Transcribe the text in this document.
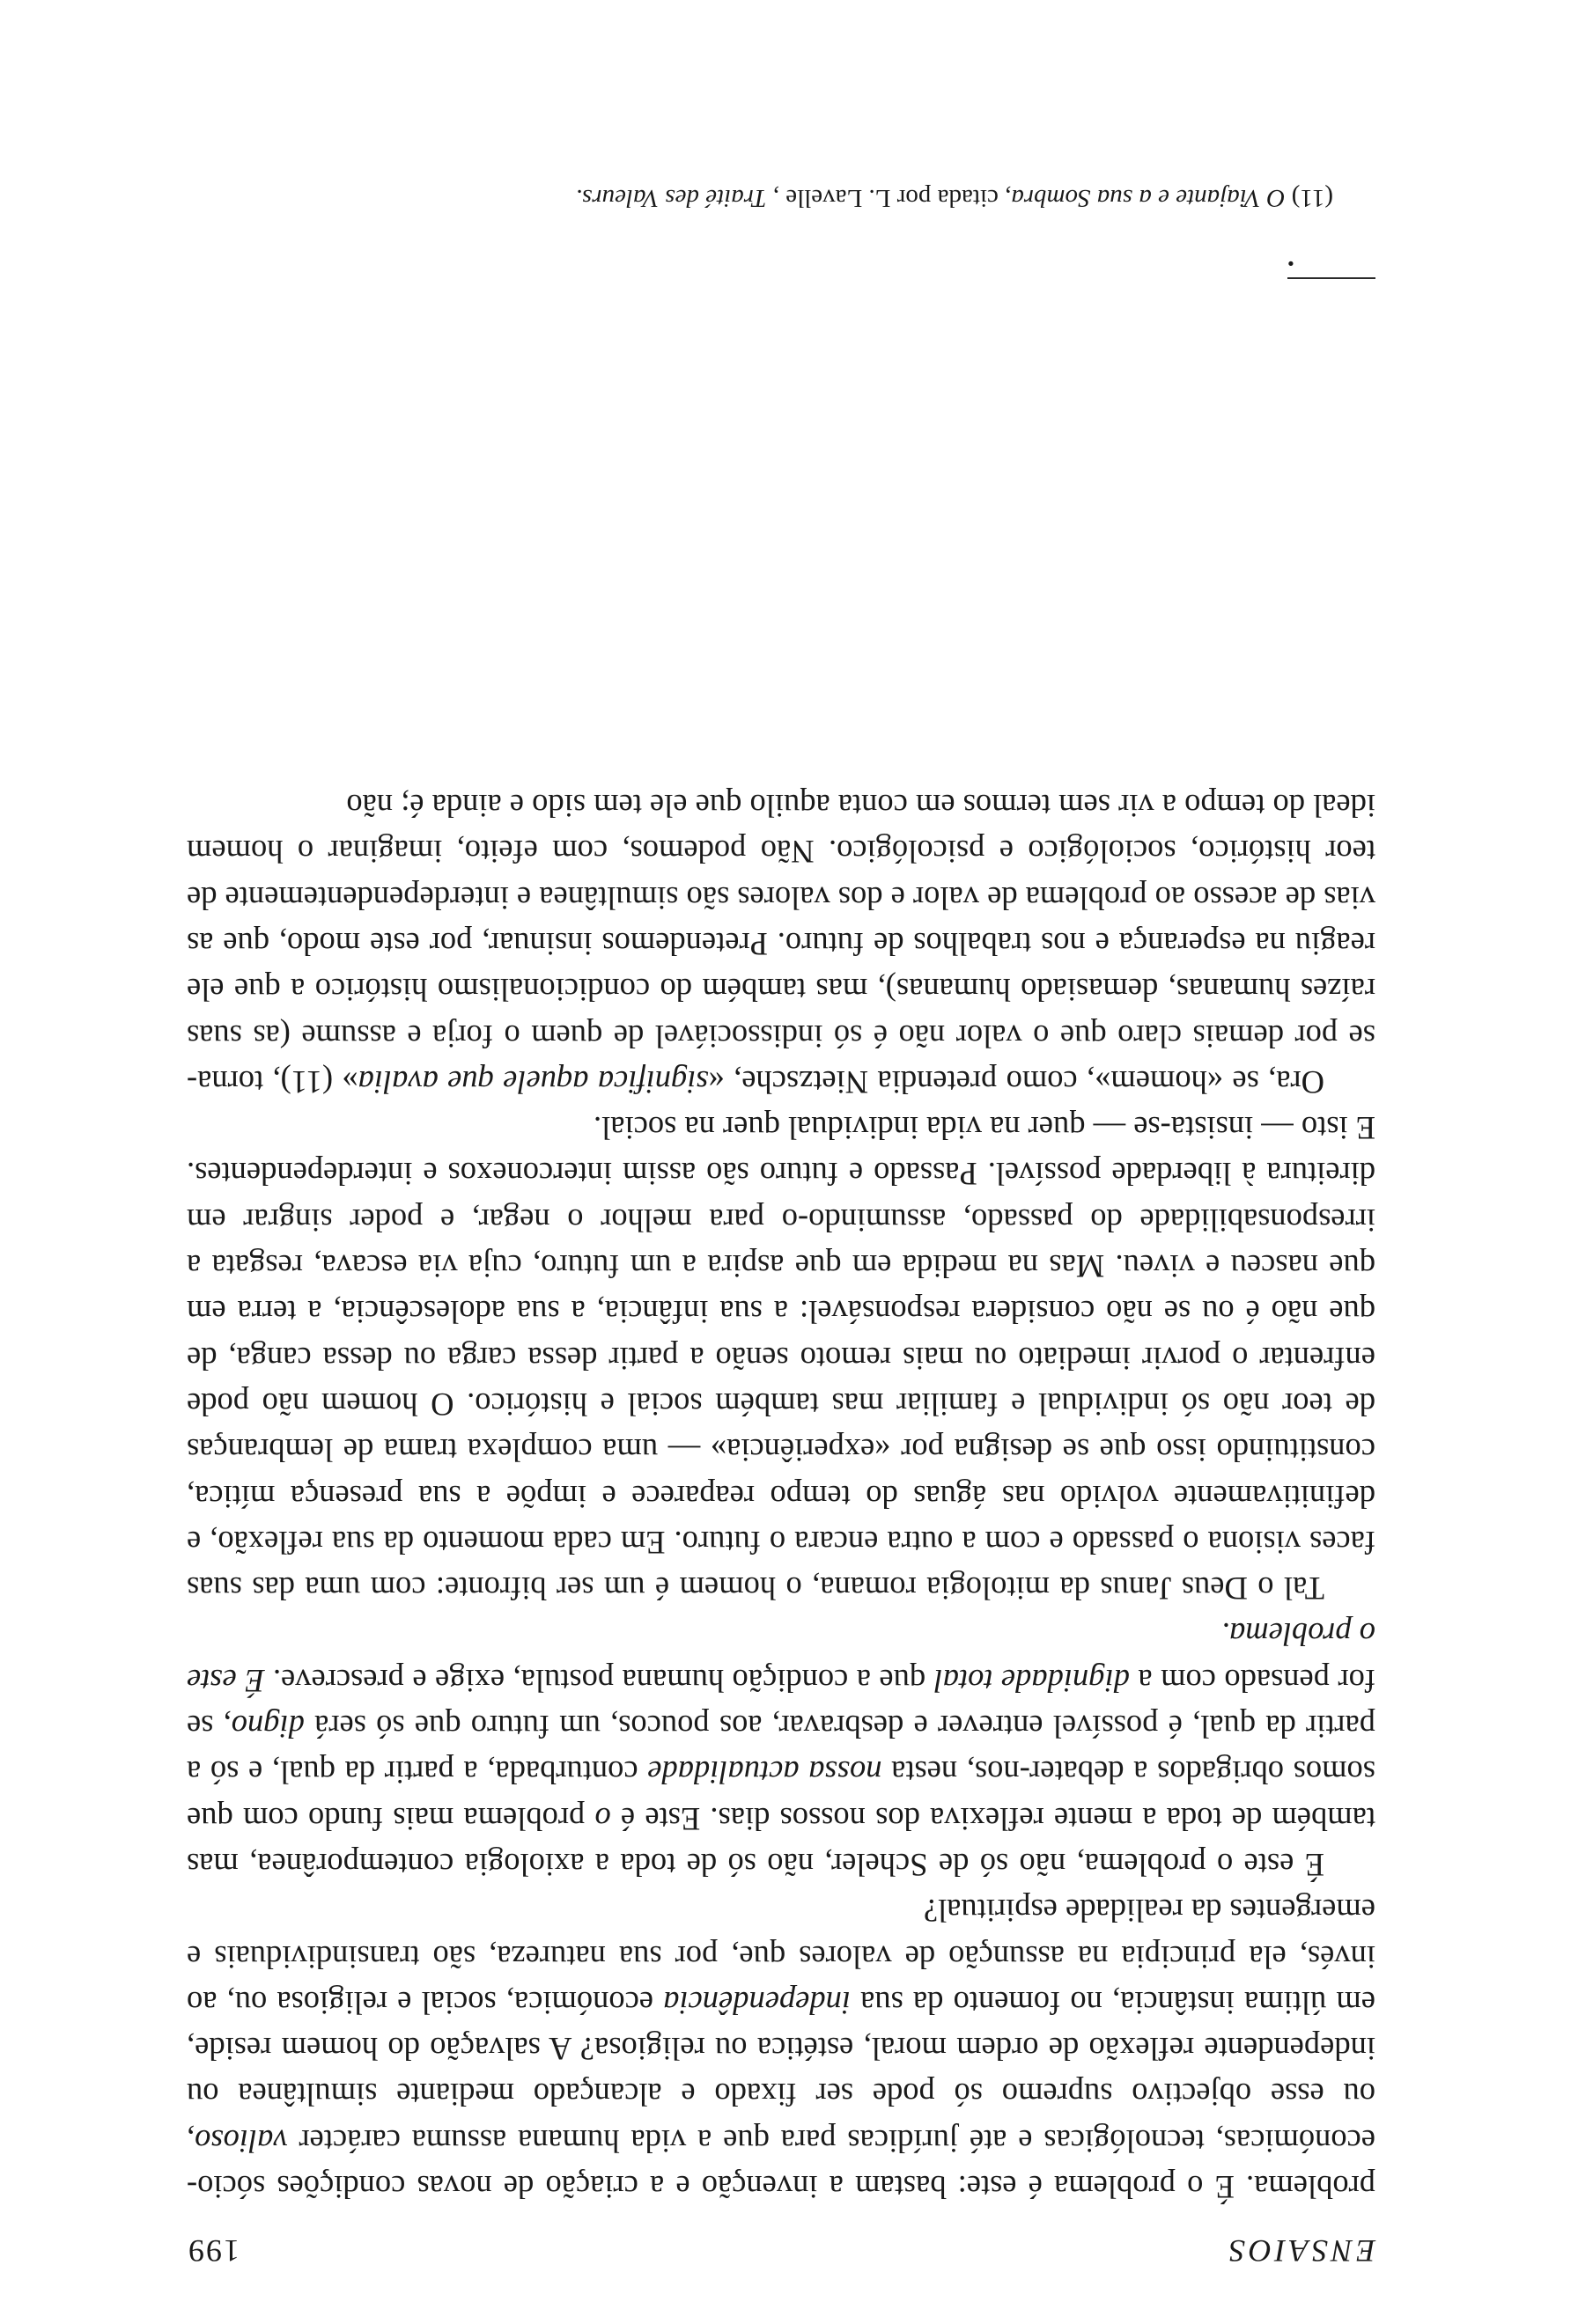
ENSAIOS
199

problema. É o problema é este: bastam a invenção e a criação de novas condições sócio-económicas, tecnológicas e até jurídicas para que a vida humana assuma carácter valioso, ou esse objectivo supremo só pode ser fixado e alcançado mediante simultânea ou independente reflexão de ordem moral, estética ou religiosa? A salvação do homem reside, em última instância, no fomento da sua independência económica, social e religiosa ou, ao invés, ela principia na assunção de valores que, por sua natureza, são transindividuais e emergentes da realidade espiritual?

É este o problema, não só de Scheler, não só de toda a axiologia contemporânea, mas também de toda a mente reflexiva dos nossos dias. Este é o problema mais fundo com que somos obrigados a debater-nos, nesta nossa actualidade conturbada, a partir da qual, e só a partir da qual, é possível entrever e desbravar, aos poucos, um futuro que só será digno, se for pensado com a dignidade total que a condição humana postula, exige e prescreve. É este o problema.

Tal o Deus Janus da mitologia romana, o homem é um ser bifronte: com uma das suas faces visiona o passado e com a outra encara o futuro. Em cada momento da sua reflexão, e definitivamente volvido nas águas do tempo reaparece e impõe a sua presença mítica, constituindo isso que se designa por «experiência» — uma complexa trama de lembranças de teor não só individual e familiar mas também social e histórico. O homem não pode enfrentar o porvir imediato ou mais remoto senão a partir dessa carga ou dessa canga, de que não é ou se não considera responsável: a sua infância, a sua adolescência, a terra em que nasceu e viveu. Mas na medida em que aspira a um futuro, cuja via escava, resgata a irresponsabilidade do passado, assumindo-o para melhor o negar, e poder singrar em direitura à liberdade possível. Passado e futuro são assim interconexos e interdependentes. E isto — insista-se — quer na vida individual quer na social.

Ora, se «homem», como pretendia Nietzsche, «significa aquele que avalia» (11), torna-se por demais claro que o valor não é só indissociável de quem o forja e assume (as suas raízes humanas, demasiado humanas), mas também do condicionalismo histórico a que ele reagiu na esperança e nos trabalhos de futuro. Pretendemos insinuar, por este modo, que as vias de acesso ao problema de valor e dos valores são simultânea e interdependentemente de teor histórico, sociológico e psicológico. Não podemos, com efeito, imaginar o homem ideal do tempo a vir sem termos em conta aquilo que ele tem sido e ainda é; não

•
(11) O Viajante e a sua Sombra, citada por L. Lavelle , Traité des Valeurs.
